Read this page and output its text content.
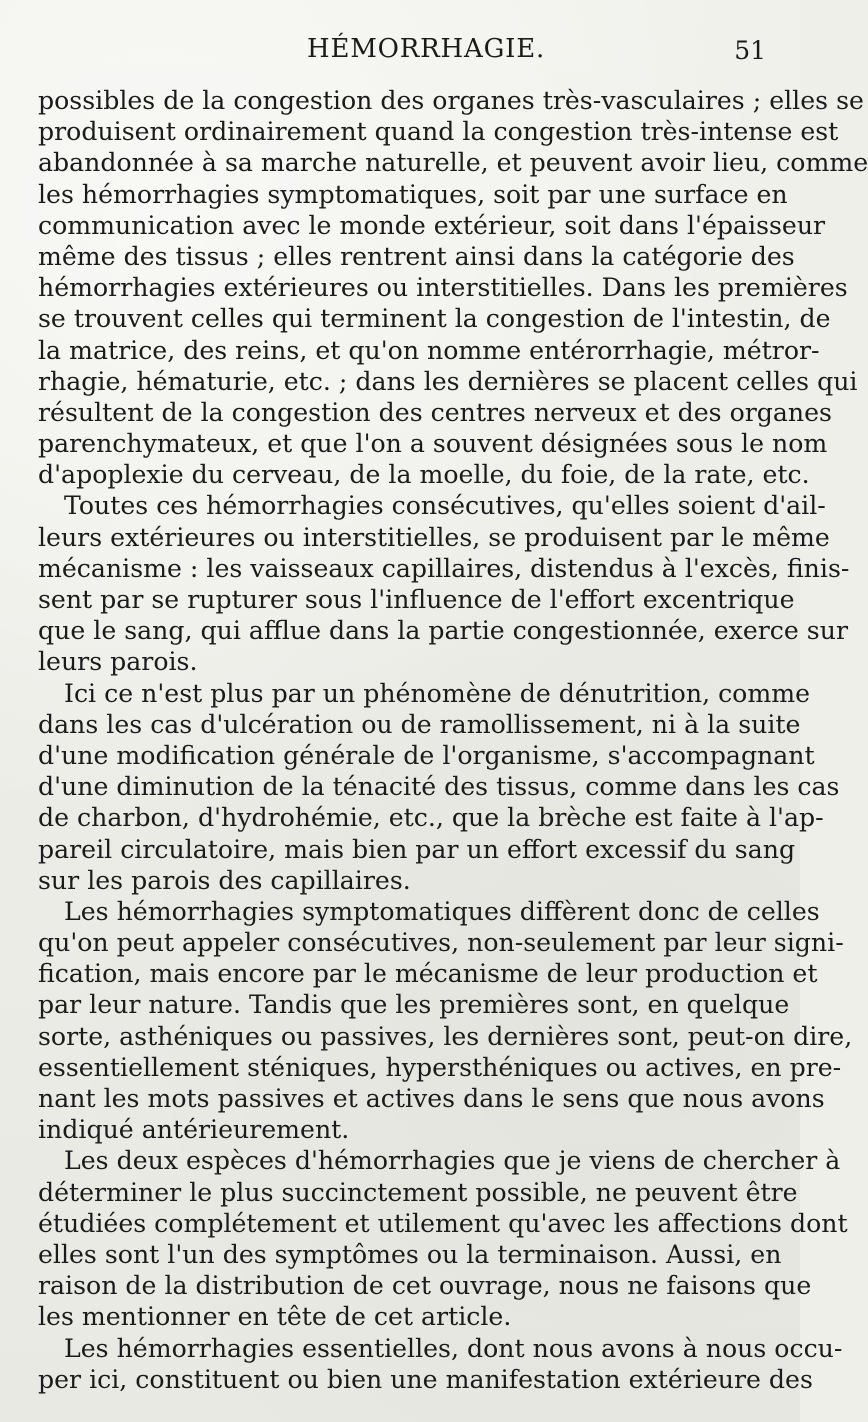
HÉMORRHAGIE.	51
possibles de la congestion des organes très-vasculaires ; elles se
produisent ordinairement quand la congestion très-intense est
abandonnée à sa marche naturelle, et peuvent avoir lieu, comme
les hémorrhagies symptomatiques, soit par une surface en
communication avec le monde extérieur, soit dans l'épaisseur
même des tissus ; elles rentrent ainsi dans la catégorie des
hémorrhagies extérieures ou interstitielles. Dans les premières
se trouvent celles qui terminent la congestion de l'intestin, de
la matrice, des reins, et qu'on nomme entérorrhagie, métror-
rhagie, hématurie, etc. ; dans les dernières se placent celles qui
résultent de la congestion des centres nerveux et des organes
parenchymateux, et que l'on a souvent désignées sous le nom
d'apoplexie du cerveau, de la moelle, du foie, de la rate, etc.
Toutes ces hémorrhagies consécutives, qu'elles soient d'ail-
leurs extérieures ou interstitielles, se produisent par le même
mécanisme : les vaisseaux capillaires, distendus à l'excès, finis-
sent par se rupturer sous l'influence de l'effort excentrique
que le sang, qui afflue dans la partie congestionnée, exerce sur
leurs parois.
Ici ce n'est plus par un phénomène de dénutrition, comme
dans les cas d'ulcération ou de ramollissement, ni à la suite
d'une modification générale de l'organisme, s'accompagnant
d'une diminution de la ténacité des tissus, comme dans les cas
de charbon, d'hydrohémie, etc., que la brèche est faite à l'ap-
pareil circulatoire, mais bien par un effort excessif du sang
sur les parois des capillaires.
Les hémorrhagies symptomatiques diffèrent donc de celles
qu'on peut appeler consécutives, non-seulement par leur signi-
fication, mais encore par le mécanisme de leur production et
par leur nature. Tandis que les premières sont, en quelque
sorte, asthéniques ou passives, les dernières sont, peut-on dire,
essentiellement sténiques, hypersthéniques ou actives, en pre-
nant les mots passives et actives dans le sens que nous avons
indiqué antérieurement.
Les deux espèces d'hémorrhagies que je viens de chercher à
déterminer le plus succinctement possible, ne peuvent être
étudiées complétement et utilement qu'avec les affections dont
elles sont l'un des symptômes ou la terminaison. Aussi, en
raison de la distribution de cet ouvrage, nous ne faisons que
les mentionner en tête de cet article.
Les hémorrhagies essentielles, dont nous avons à nous occu-
per ici, constituent ou bien une manifestation extérieure des
